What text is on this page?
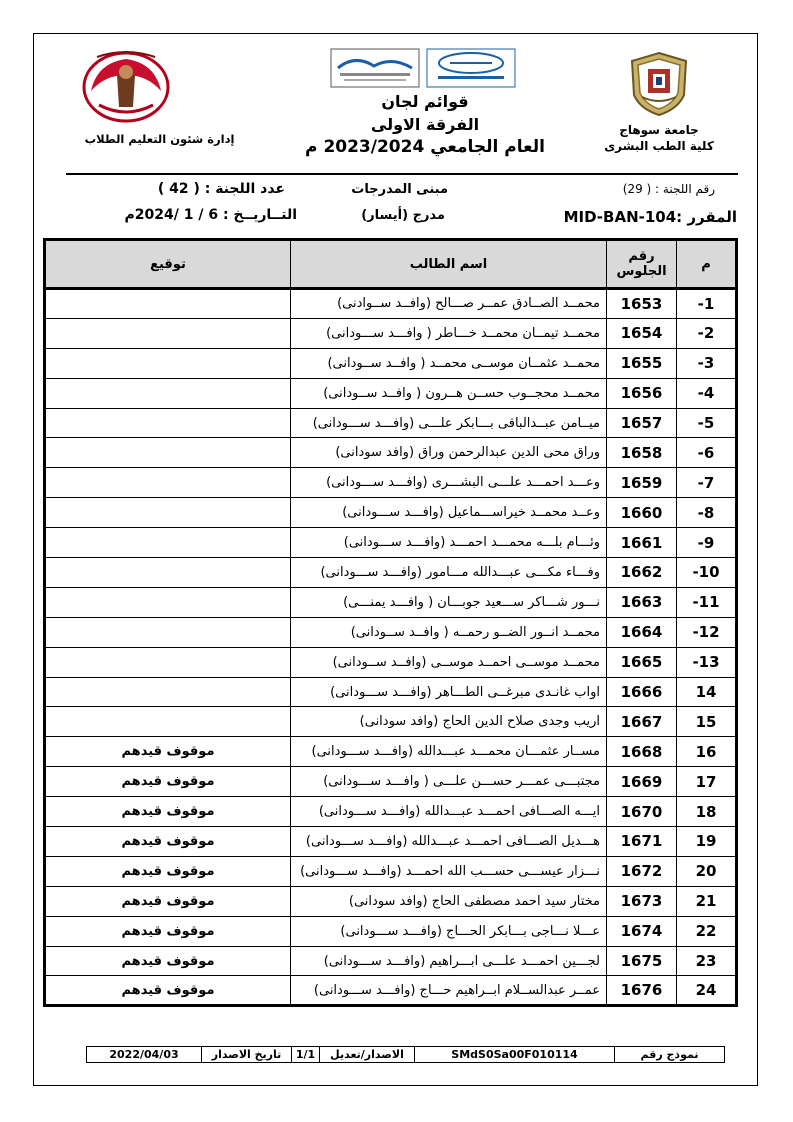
جامعة سوهاج
كلية الطب البشرى
إدارة شئون التعليم الطلاب
قوائم لجان
الفرقة الاولى
العام الجامعي 2023/2024 م
رقم اللجنة : ( 29)
مبنى المدرجات
عدد اللجنة : ( 42 )
المقرر :MID-BAN-104
مدرج (أيسار)
التــاريــخ : 6 / 1 /2024م
توقيع	اسم الطالب	رقم الجلوس	م
	محمــد الصــادق عمــر صـــالح (وافــد ســوادنى)	1653	-1
	محمــد تيمــان محمــد خـــاطر ( وافـــد ســـودانى)	1654	-2
	محمــد عثمــان موســى محمــد ( وافــد ســودانى)	1655	-3
	محمــد محجــوب حســن هــرون ( وافــد ســودانى)	1656	-4
	ميــامن عبــدالباقى بـــابكر علـــى (وافـــد ســـودانى)	1657	-5
	وراق محى الدين عبدالرحمن وراق (وافد سودانى)	1658	-6
	وعـــد احمـــد علـــى البشـــرى (وافـــد ســـودانى)	1659	-7
	وعــد محمــد خيراســـماعيل (وافـــد ســـودانى)	1660	-8
	وئـــام بلـــه محمـــد احمـــد (وافـــد ســـودانى)	1661	-9
	وفـــاء مكـــى عبـــدالله مـــامور (وافـــد ســـودانى)	1662	-10
	نـــور شـــاكر ســـعيد جوبـــان ( وافـــد يمنـــى)	1663	-11
	محمــد انــور الضــو رحمــه ( وافــد ســودانى)	1664	-12
	محمــد موســى احمــد موســى (وافــد ســودانى)	1665	-13
	اواب غانـدى مبرغــى الطـــاهر (وافـــد ســـودانى)	1666	14
	اريب وجدى صلاح الدين الحاج (وافد سودانى)	1667	15
موقوف قيدهم	مســار عثمـــان محمـــد عبـــدالله (وافـــد ســـودانى)	1668	16
موقوف قيدهم	مجتبـــى عمـــر حســـن علـــى ( وافـــد ســـودانى)	1669	17
موقوف قيدهم	ايـــه الصـــافى احمـــد عبـــدالله (وافـــد ســـودانى)	1670	18
موقوف قيدهم	هـــديل الصـــافى احمـــد عبـــدالله (وافـــد ســـودانى)	1671	19
موقوف قيدهم	نـــزار عيســـى حســـب الله احمـــد (وافـــد ســـودانى)	1672	20
موقوف قيدهم	مختار سيد احمد مصطفى الحاج (وافد سودانى)	1673	21
موقوف قيدهم	عـــلا نـــاجى بـــابكر الحـــاج (وافـــد ســـودانى)	1674	22
موقوف قيدهم	لجـــين احمـــد علـــى ابـــراهيم (وافـــد ســـودانى)	1675	23
موقوف قيدهم	عمــر عبدالســلام ابــراهيم حـــاج (وافـــد ســـودانى)	1676	24
نموذج رقم	SMdS0Sa00F010114	الاصدار/تعديل	1/1	تاريخ الاصدار	2022/04/03
